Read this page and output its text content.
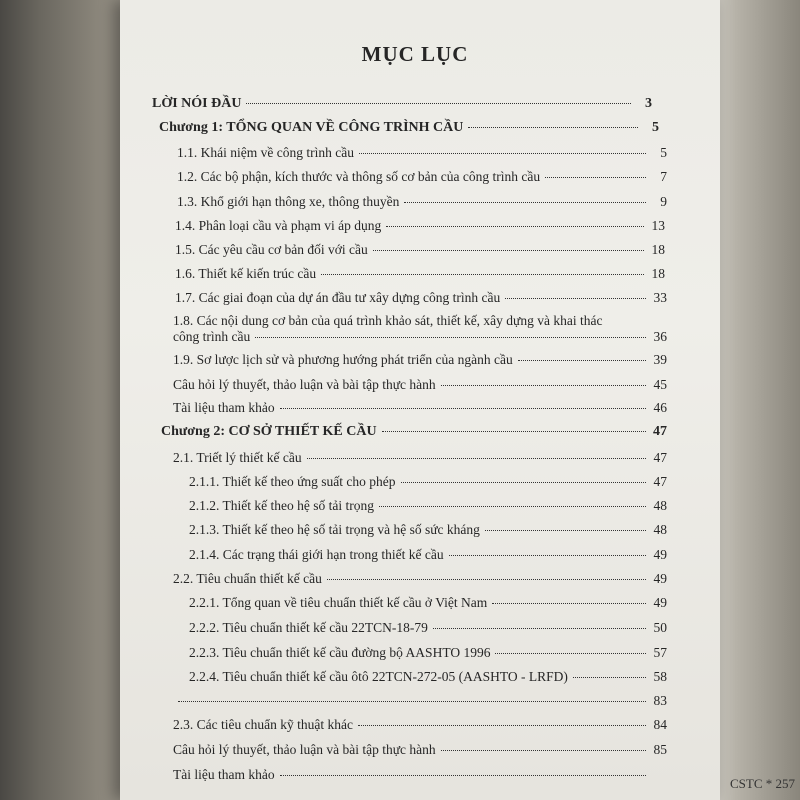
MỤC LỤC
LỜI NÓI ĐẦU	3
Chương 1: TỔNG QUAN VỀ CÔNG TRÌNH CẦU	5
1.1. Khái niệm về công trình cầu	5
1.2. Các bộ phận, kích thước và thông số cơ bản của công trình cầu	7
1.3. Khổ giới hạn thông xe, thông thuyền	9
1.4. Phân loại cầu và phạm vi áp dụng	13
1.5. Các yêu cầu cơ bản đối với cầu	18
1.6. Thiết kế kiến trúc cầu	18
1.7. Các giai đoạn của dự án đầu tư xây dựng công trình cầu	33
1.8. Các nội dung cơ bản của quá trình khảo sát, thiết kế, xây dựng và khai thác
công trình cầu	36
1.9. Sơ lược lịch sử và phương hướng phát triển của ngành cầu	39
Câu hỏi lý thuyết, thảo luận và bài tập thực hành	45
Tài liệu tham khảo	46
Chương 2: CƠ SỞ THIẾT KẾ CẦU	47
2.1. Triết lý thiết kế cầu	47
2.1.1. Thiết kế theo ứng suất cho phép	47
2.1.2. Thiết kế theo hệ số tải trọng	48
2.1.3. Thiết kế theo hệ số tải trọng và hệ số sức kháng	48
2.1.4. Các trạng thái giới hạn trong thiết kế cầu	49
2.2. Tiêu chuẩn thiết kế cầu	49
2.2.1. Tổng quan về tiêu chuẩn thiết kế cầu ở Việt Nam	49
2.2.2. Tiêu chuẩn thiết kế cầu 22TCN-18-79	50
2.2.3. Tiêu chuẩn thiết kế cầu đường bộ AASHTO 1996	57
2.2.4. Tiêu chuẩn thiết kế cầu ôtô 22TCN-272-05 (AASHTO - LRFD)	58
83
2.3. Các tiêu chuẩn kỹ thuật khác	84
Câu hỏi lý thuyết, thảo luận và bài tập thực hành	85
Tài liệu tham khảo
CSTC * 257
